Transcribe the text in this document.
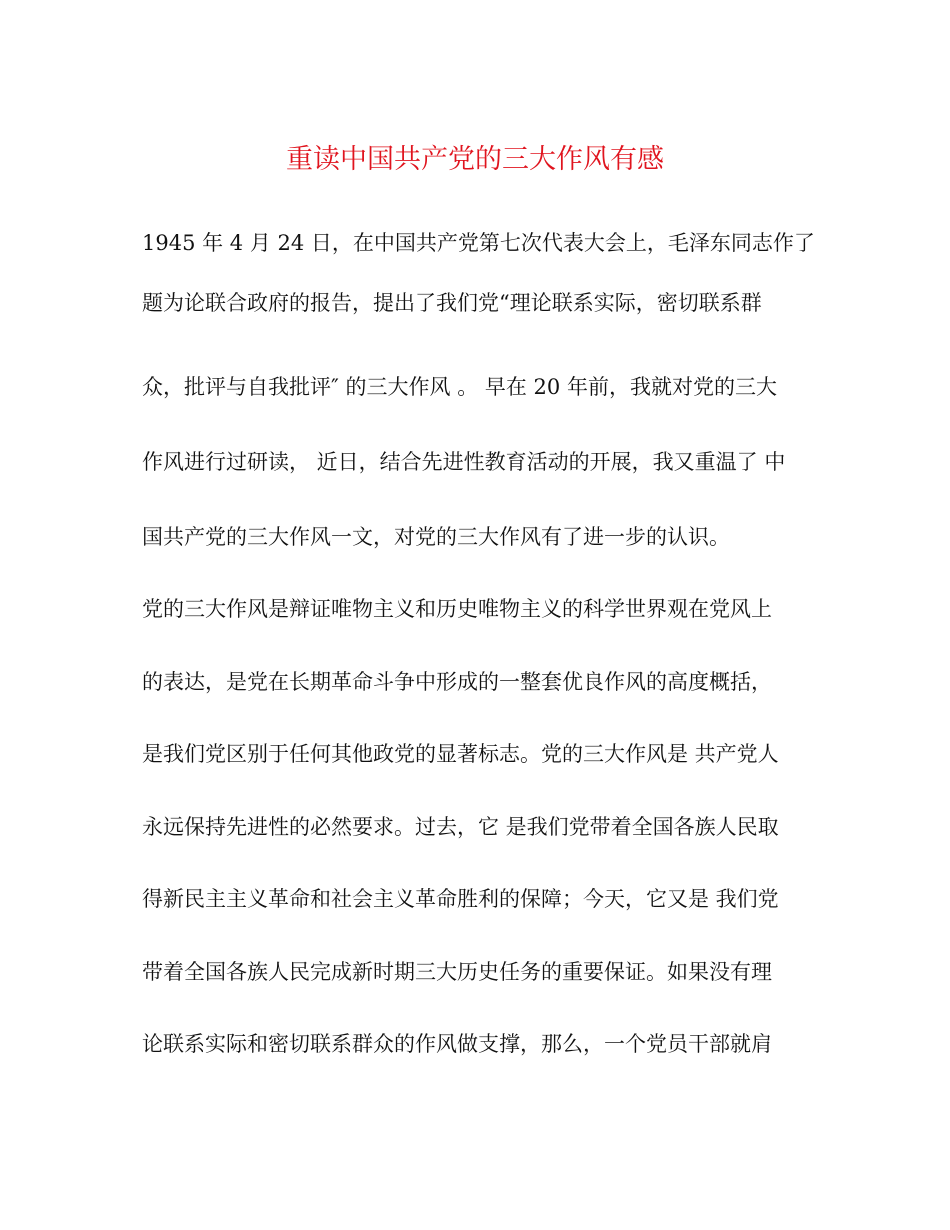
重读中国共产党的三大作风有感
1945 年 4 月 24 日，在中国共产党第七次代表大会上，毛泽东同志作了
题为论联合政府的报告，提出了我们党“理论联系实际，密切联系群
众，批评与自我批评″ 的三大作风 。 早在 20 年前，我就对党的三大
作风进行过研读， 近日，结合先进性教育活动的开展，我又重温了 中
国共产党的三大作风一文，对党的三大作风有了进一步的认识。
党的三大作风是辩证唯物主义和历史唯物主义的科学世界观在党风上
的表达，是党在长期革命斗争中形成的一整套优良作风的高度概括，
是我们党区别于任何其他政党的显著标志。党的三大作风是 共产党人
永远保持先进性的必然要求。过去，它 是我们党带着全国各族人民取
得新民主主义革命和社会主义革命胜利的保障；今天，它又是 我们党
带着全国各族人民完成新时期三大历史任务的重要保证。如果没有理
论联系实际和密切联系群众的作风做支撑，那么，一个党员干部就肩
